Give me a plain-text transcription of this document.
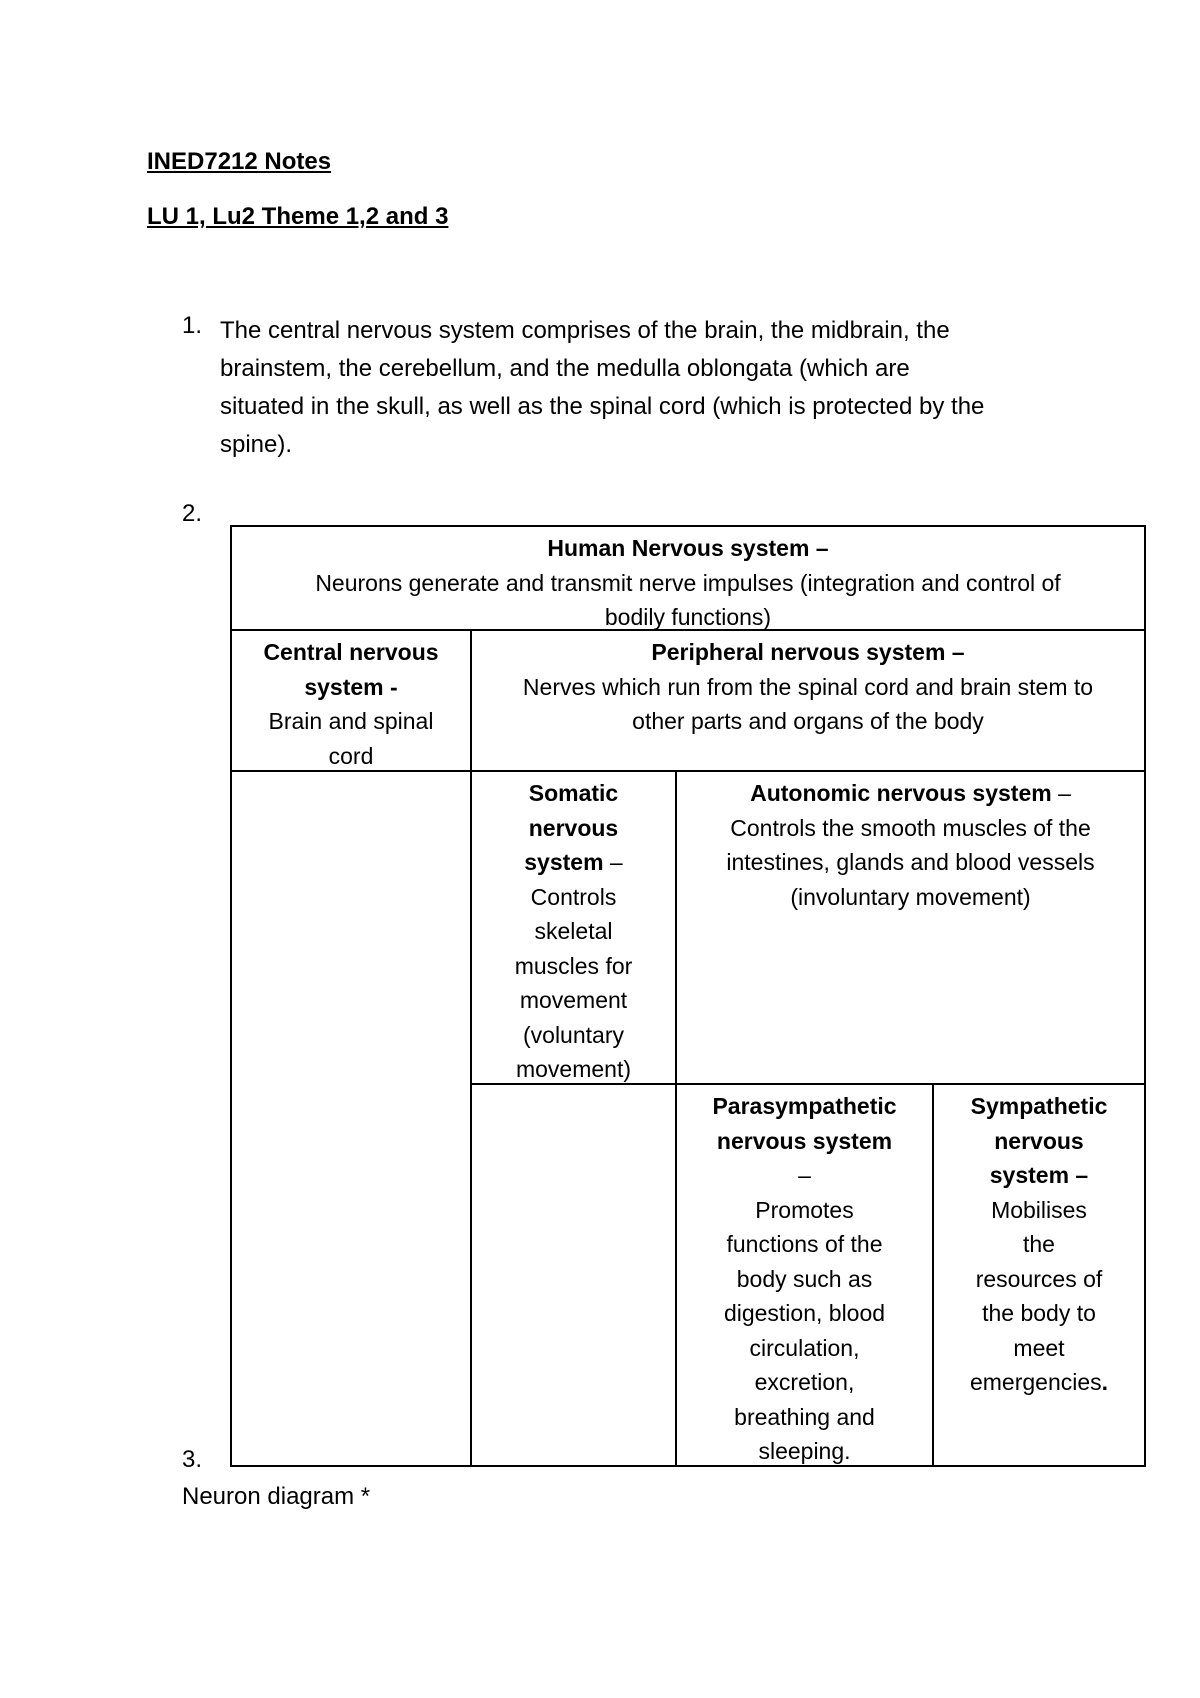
INED7212 Notes
LU 1, Lu2 Theme 1,2 and 3
1. The central nervous system comprises of the brain, the midbrain, the
brainstem, the cerebellum, and the medulla oblongata (which are
situated in the skull, as well as the spinal cord (which is protected by the
spine).
2.
Human Nervous system –
Neurons generate and transmit nerve impulses (integration and control of
bodily functions)
Central nervous
system -
Brain and spinal
cord
Peripheral nervous system –
Nerves which run from the spinal cord and brain stem to
other parts and organs of the body
Somatic
nervous
system –
Controls
skeletal
muscles for
movement
(voluntary
movement)
Autonomic nervous system –
Controls the smooth muscles of the
intestines, glands and blood vessels
(involuntary movement)
Parasympathetic
nervous system
–
Promotes
functions of the
body such as
digestion, blood
circulation,
excretion,
breathing and
sleeping.
Sympathetic
nervous
system –
Mobilises
the
resources of
the body to
meet
emergencies.
3.
Neuron diagram *
